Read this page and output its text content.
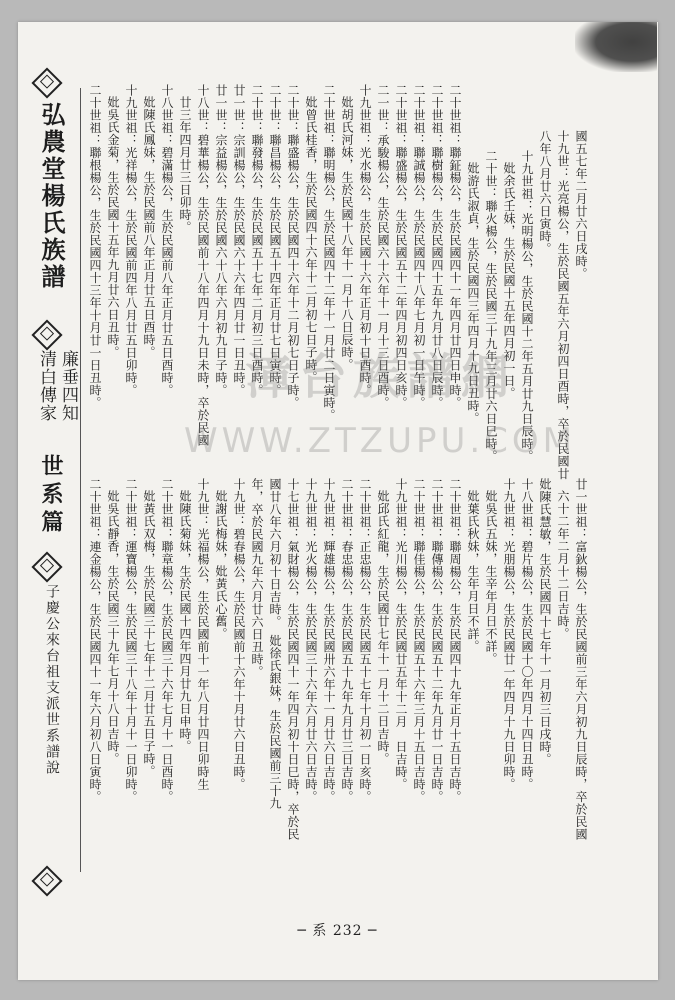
弘農堂楊氏族譜
廉垂四知
清白傳家
世系篇
子慶公來台祖支派世系譜說
國五七年二月廿六日戌時。
十九世：光亮楊公，生於民國五年六月初四日酉時，卒於民國廿
八年八月廿六日寅時。
十九世祖：光明楊公，生於民國十二年五月廿九日辰時。
妣余氏壬妹，生於民國十五年四月初一日。
二十世：聯火楊公，生於民國三十九年三月廿六日巳時。
妣游氏淑貞，生於民國四三年四月十九日丑時。
二十世祖：聯鉦楊公，生於民國四十一年四月廿四日申時。
二十世祖：聯樹楊公，生於民國四十五年九月廿八日辰時。
二十世祖：聯誠楊公，生於民國四十八年七月初一日午時。
二十世祖：聯盛楊公，生於民國五十二年四月初四日亥時。
二一世：承駿楊公，生於民國六十六年十一月十三日酉時。
十九世祖：光水楊公，生於民國十六年正月初十日酉時。
妣胡氏河妹，生於民國十八年十一月十八日辰時。
二十世祖：聯明楊公，生於民國四十二年十一月廿二日寅時。
妣曾氏桂香，生於民國四十六年十二月初七日子時。
二十世：聯盛楊公，生於民國四十六年十二月初七日子時。
二十世：聯昌楊公，生於民國五十四年正月廿七日寅時。
二十世：聯發楊公，生於民國五十七年二月初三日酉時。
廿一世：宗訓楊公，生於民國六十六年四月廿一日丑時。
廿一世：宗益楊公，生於民國六十八年六月初九日子時。
十八世：碧華楊公，生於民國前十八年四月十九日未時，卒於民國
廿三年四月廿三日卯時。
十八世祖：碧滿楊公，生於民國前八年正月廿五日酉時。
妣陳氏鳳妹，生於民國前八年正月廿五日酉時。
十九世祖：光祥楊公，生於民國前四年八月廿五日卯時。
妣吳氏金菊，生於民國十五年九月廿六日丑時。
二十世祖：聯根楊公，生於民國四十三年十月廿一日丑時。
廿一世祖：富鈥楊公，生於民國前三年六月初九日辰時，卒於民國
六十二年二月十二日吉時。
妣陳氏慧敏，生於民國四十七年十一月初三日戌時。
十八世祖：碧片楊公，生於民國十〇年四月十四日丑時。
十九世祖：光朋楊公，生於民國廿一年四月十九日卯時。
妣吳氏五妹，生辛年月日不詳。
妣葉氏秋妹，生年月日不詳。
二十世祖：聯周楊公，生於民國四十九年正月十五日吉時。
二十世祖：聯傳楊公，生於民國五十二年九月廿一日吉時。
二十世祖：聯佳楊公，生於民國五十六年三月十五日吉時。
十九世祖：光川楊公，生於民國廿五年十二月　日吉時。
妣邱氏紅龍，生於民國廿七年十一月十二日吉時。
二十世祖：正忠楊公，生於民國五十七年十月初一日亥時。
二十世祖：春忠楊公，生於民國五十九年九月廿三日吉時。
十九世祖：輝雄楊公，生於民國卅六年十一月廿六日吉時。
十九世祖：光火楊公，生於民國三十六年六月廿六日吉時。
十七世祖：氣財楊公，生於民國四十一年四月初十日巳時，卒於民
國廿八年六月初十日吉時。　妣徐氏銀妹，生於民國前三十九
年，卒於民國九年六月廿六日丑時。
十九世：碧春楊公，生於民國前十六年十月廿六日丑時。
妣謝氏梅妹，妣黃氏心舊。
十九世：光福楊公，生於民國前十一年八月廿四日卯時生
妣陳氏菊妹，生於民國十四年四月廿九日申時。
二十世祖：聯章楊公，生於民國三十六年七月十一日酉時。
妣黃氏双梅，生於民國三十七年十二月廿五日子時。
二十世祖：運寶楊公，生於民國三十八年十月十一日卯時。
妣吳氏靜香，生於民國三十九年七月十八日吉時。
二十世祖：連金楊公，生於民國四十一年六月初八日寅時。
漳台族譜網
WWW.ZTZUPU.COM
─ 系 232 ─
